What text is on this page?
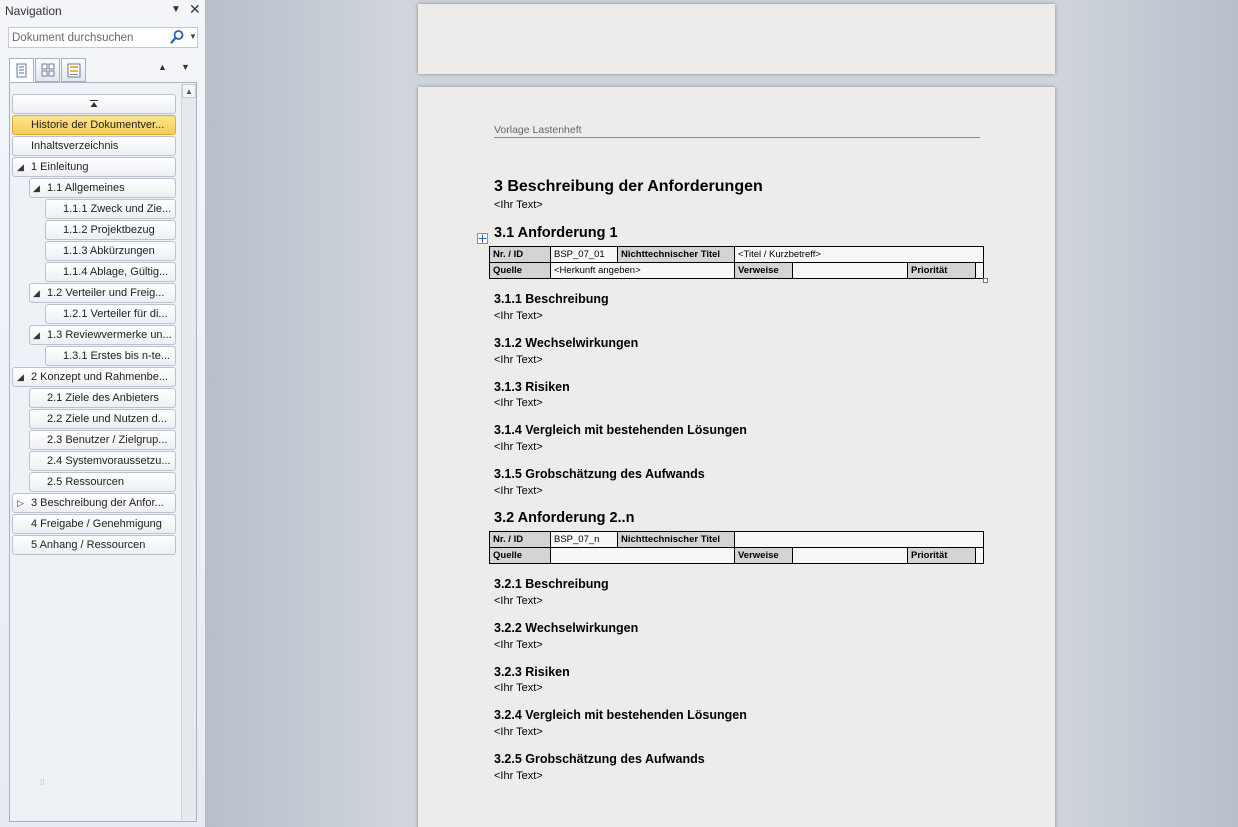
Navigation	▼ ✕
Dokument durchsuchen
▼
▲ ▼
▲
⁞⁞
Historie der Dokumentver...
Inhaltsverzeichnis
◢ 1 Einleitung
◢ 1.1 Allgemeines
1.1.1 Zweck und Zie...
1.1.2 Projektbezug
1.1.3 Abkürzungen
1.1.4 Ablage, Gültig...
◢ 1.2 Verteiler und Freig...
1.2.1 Verteiler für di...
◢ 1.3 Reviewvermerke un...
1.3.1 Erstes bis n-te...
◢ 2 Konzept und Rahmenbe...
2.1 Ziele des Anbieters
2.2 Ziele und Nutzen d...
2.3 Benutzer / Zielgrup...
2.4 Systemvoraussetzu...
2.5 Ressourcen
▷ 3 Beschreibung der Anfor...
4 Freigabe / Genehmigung
5 Anhang / Ressourcen
Vorlage Lastenheft
3 Beschreibung der Anforderungen
<Ihr Text>
3.1 Anforderung 1
Nr. / ID	BSP_07_01	Nichttechnischer Titel	<Titel / Kurzbetreff>			
Quelle	<Herkunft angeben>		Verweise		Priorität	
3.1.1 Beschreibung
<Ihr Text>
3.1.2 Wechselwirkungen
<Ihr Text>
3.1.3 Risiken
<Ihr Text>
3.1.4 Vergleich mit bestehenden Lösungen
<Ihr Text>
3.1.5 Grobschätzung des Aufwands
<Ihr Text>
3.2 Anforderung 2..n
Nr. / ID	BSP_07_n	Nichttechnischer Titel				
Quelle			Verweise		Priorität	
3.2.1 Beschreibung
<Ihr Text>
3.2.2 Wechselwirkungen
<Ihr Text>
3.2.3 Risiken
<Ihr Text>
3.2.4 Vergleich mit bestehenden Lösungen
<Ihr Text>
3.2.5 Grobschätzung des Aufwands
<Ihr Text>
